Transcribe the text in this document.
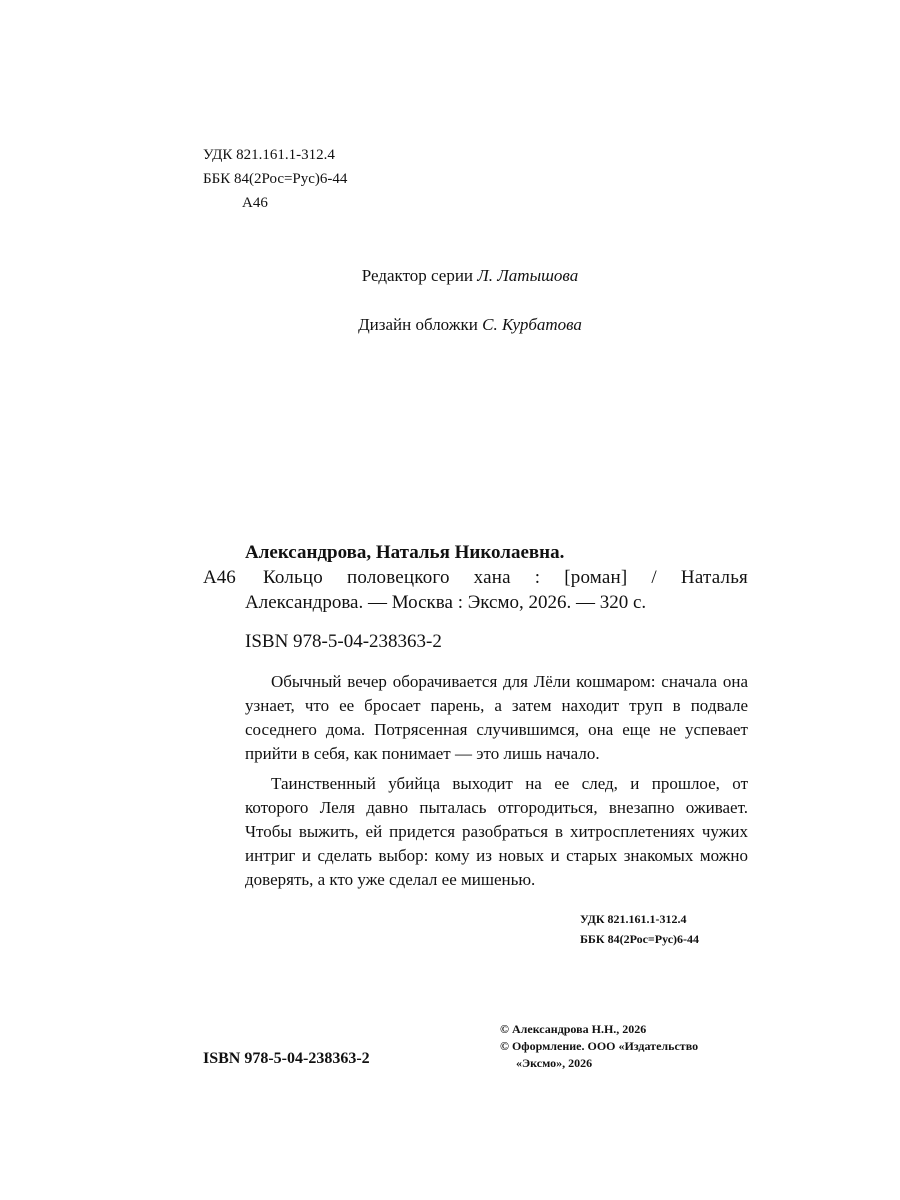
УДК 821.161.1-312.4
ББК 84(2Рос=Рус)6-44
А46
Редактор серии Л. Латышова
Дизайн обложки С. Курбатова
Александрова, Наталья Николаевна.
А46	Кольцо половецкого хана : [роман] / Наталья
Александрова. — Москва : Эксмо, 2026. — 320 с.
ISBN 978-5-04-238363-2

Обычный вечер оборачивается для Лёли кошмаром: сначала она узнает, что ее бросает парень, а затем находит труп в подвале соседнего дома. Потрясенная случившимся, она еще не успевает прийти в себя, как понимает — это лишь начало.

Таинственный убийца выходит на ее след, и прошлое, от которого Леля давно пыталась отгородиться, внезапно оживает. Чтобы выжить, ей придется разобраться в хитросплетениях чужих интриг и сделать выбор: кому из новых и старых знакомых можно доверять, а кто уже сделал ее мишенью.

УДК 821.161.1-312.4
ББК 84(2Рос=Рус)6-44
ISBN 978-5-04-238363-2
© Александрова Н.Н., 2026
© Оформление. ООО «Издательство
«Эксмо», 2026
